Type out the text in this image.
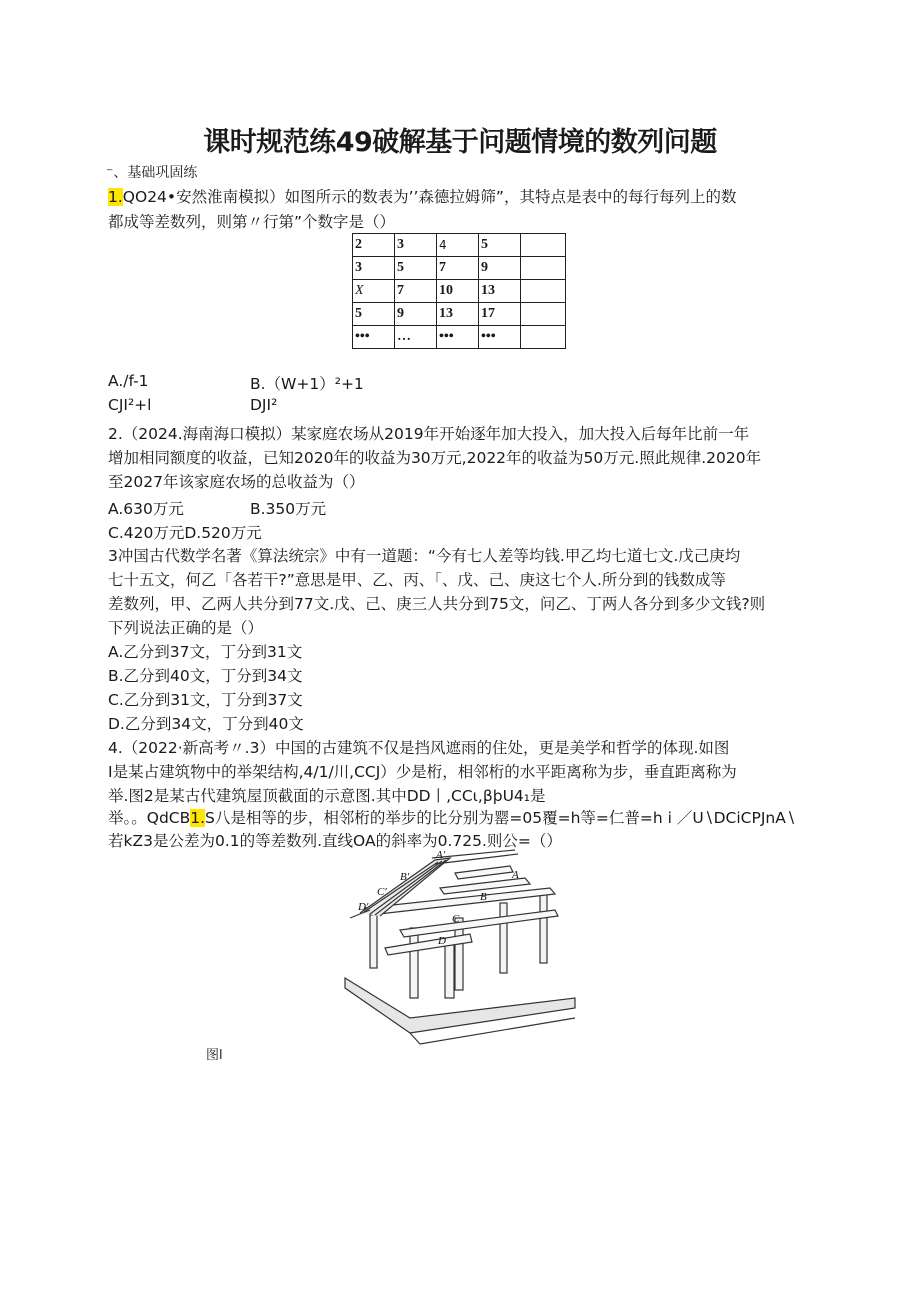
课时规范练49破解基于问题情境的数列问题
⁻、基础巩固练
1.QO24•安然淮南模拟）如图所示的数表为’’森德拉姆筛”，其特点是表中的每行每列上的数
都成等差数列，则第〃行第”个数字是（）
2	3	4	5	
3	5	7	9	
X	7	10	13	
5	9	13	17	
•••	…	•••	•••	
A.∕f-1	B.（W+1）²+1
CJI²+l	DJI²
2.（2024.海南海口模拟）某家庭农场从2019年开始逐年加大投入，加大投入后每年比前一年
增加相同额度的收益，已知2020年的收益为30万元,2022年的收益为50万元.照此规律.2020年
至2027年该家庭农场的总收益为（）
A.630万元	B.350万元
C.420万元D.520万元
3冲国古代数学名著《算法统宗》中有一道题：“今有七人差等均钱.甲乙均七道七文.戊己庚均
七十五文，何乙「各若干?”意思是甲、乙、丙、「、戊、己、庚这七个人.所分到的钱数成等
差数列，甲、乙两人共分到77文.戊、己、庚三人共分到75文，问乙、丁两人各分到多少文钱?则
下列说法正确的是（）
A.乙分到37文，丁分到31文
B.乙分到40文，丁分到34文
C.乙分到31文，丁分到37文
D.乙分到34文，丁分到40文
4.（2022·新高考〃.3）中国的古建筑不仅是挡风遮雨的住处，更是美学和哲学的体现.如图
I是某占建筑物中的举架结构,4/1/川,CCJ）少是桁，相邻桁的水平距离称为步，垂直距离称为
举.图2是某古代建筑屋顶截面的示意图.其中DD丨,CCι,βþU4₁是
举。。QdCB1.S八是相等的步，相邻桁的举步的比分别为罂=05覆=h等=仁普=h i ／U∖DCiCPJnA∖
若kZ3是公差为0.1的等差数列.直线OA的斜率为0.725.则公=（）
A′
B′
C′
D′
A
B
C
D
图l
